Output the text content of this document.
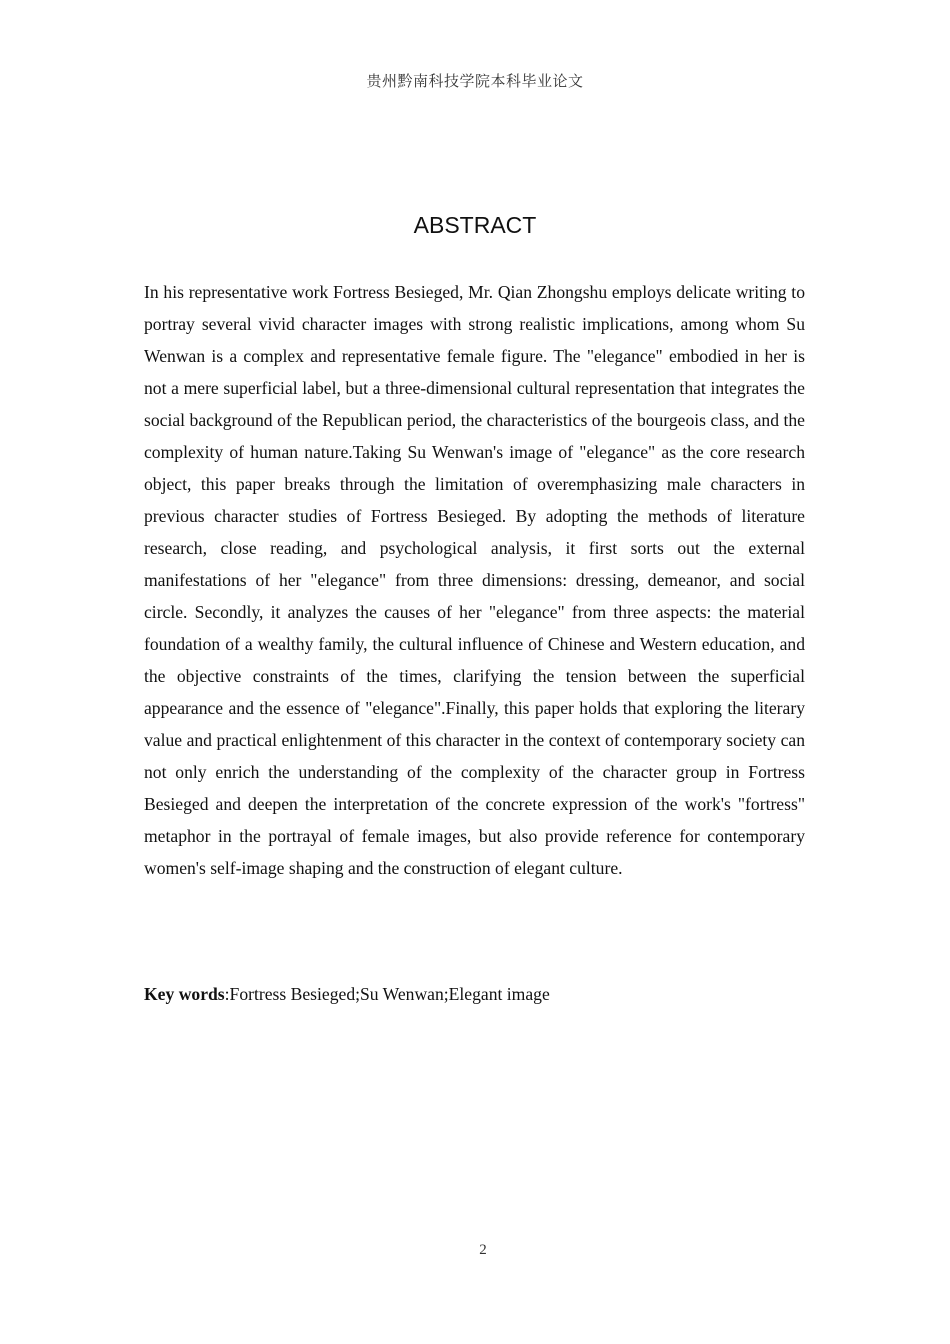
贵州黔南科技学院本科毕业论文
ABSTRACT

In his representative work Fortress Besieged, Mr. Qian Zhongshu employs delicate writing to portray several vivid character images with strong realistic implications, among whom Su Wenwan is a complex and representative female figure. The "elegance" embodied in her is not a mere superficial label, but a three-dimensional cultural representation that integrates the social background of the Republican period, the characteristics of the bourgeois class, and the complexity of human nature.Taking Su Wenwan's image of "elegance" as the core research object, this paper breaks through the limitation of overemphasizing male characters in previous character studies of Fortress Besieged. By adopting the methods of literature research, close reading, and psychological analysis, it first sorts out the external manifestations of her "elegance" from three dimensions: dressing, demeanor, and social circle. Secondly, it analyzes the causes of her "elegance" from three aspects: the material foundation of a wealthy family, the cultural influence of Chinese and Western education, and the objective constraints of the times, clarifying the tension between the superficial appearance and the essence of "elegance".Finally, this paper holds that exploring the literary value and practical enlightenment of this character in the context of contemporary society can not only enrich the understanding of the complexity of the character group in Fortress Besieged and deepen the interpretation of the concrete expression of the work's "fortress" metaphor in the portrayal of female images, but also provide reference for contemporary women's self-image shaping and the construction of elegant culture.

Key words:Fortress Besieged;Su Wenwan;Elegant image

2
